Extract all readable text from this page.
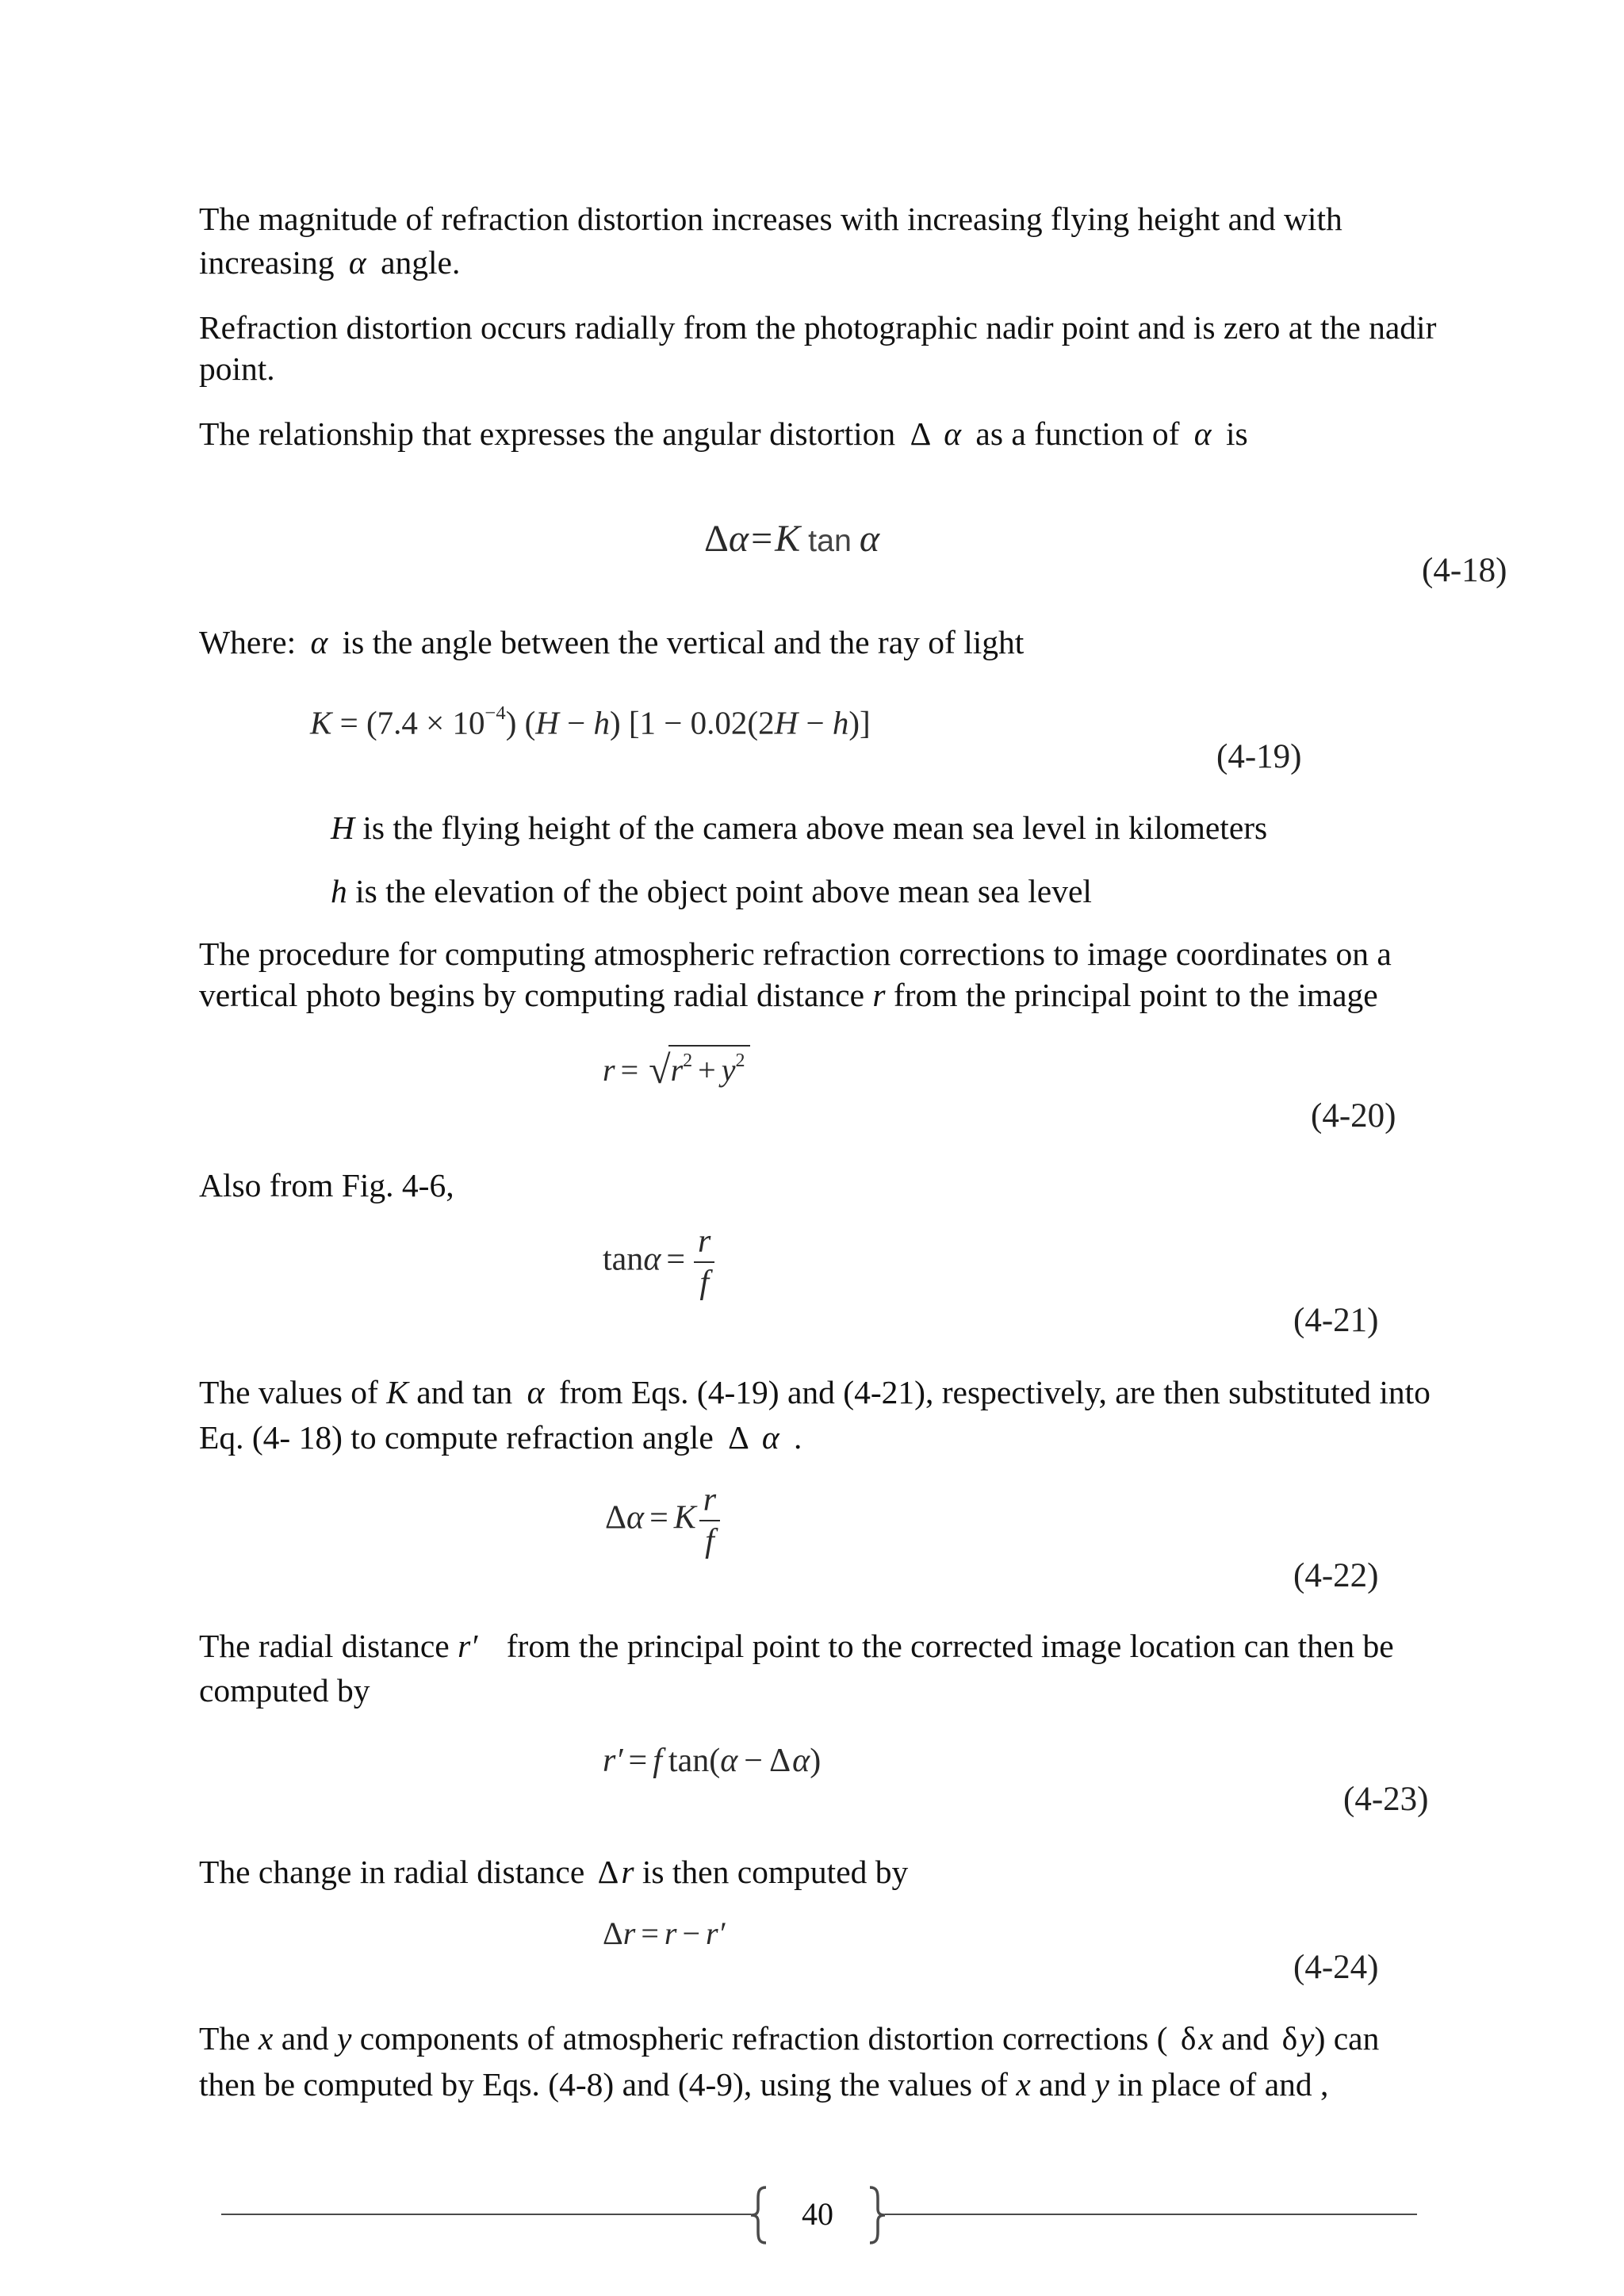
The magnitude of refraction distortion increases with increasing flying height and with
increasing α angle.
Refraction distortion occurs radially from the photographic nadir point and is zero at the nadir
point.
The relationship that expresses the angular distortion Δ α as a function of α is
Δα=K tan α
(4-18)
Where: α is the angle between the vertical and the ray of light
$K = (7.4 \times 10^{-4})$ (H − h) [1 − 0.02(2H − h)]
(4-19)
H is the flying height of the camera above mean sea level in kilometers
h is the elevation of the object point above mean sea level
The procedure for computing atmospheric refraction corrections to image coordinates on a
vertical photo begins by computing radial distance r from the principal point to the image
$r = √r^2 + y^2$
(4-20)
Also from Fig. 4-6,
$\tan\alpha = \frac{r}{f}$
(4-21)
The values of K and tan α from Eqs. (4-19) and (4-21), respectively, are then substituted into
Eq. (4- 18) to compute refraction angle Δ α .
Δα = K $\frac{r}{f}$
(4-22)
The radial distance r′ from the principal point to the corrected image location can then be
computed by
r′ = f tan(α − Δα)
(4-23)
The change in radial distance Δr is then computed by
Δr = r − r′
(4-24)
The x and y components of atmospheric refraction distortion corrections ( δx and δy) can
then be computed by Eqs. (4-8) and (4-9), using the values of x and y in place of and ,
40
